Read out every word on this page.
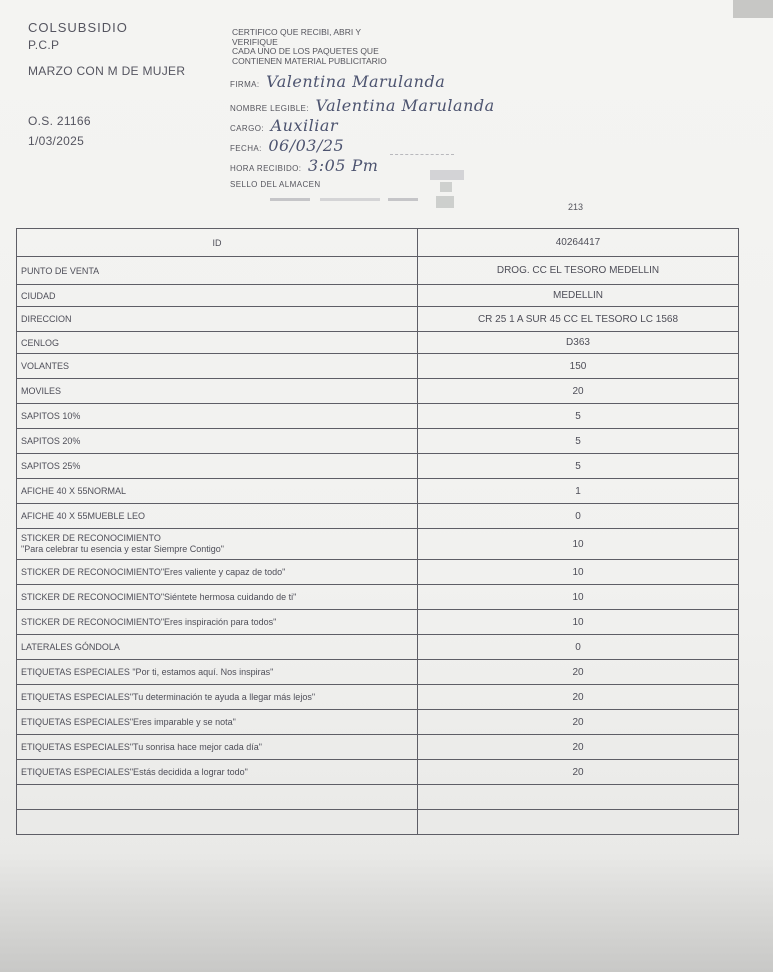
COLSUBSIDIO
P.C.P
MARZO CON M DE MUJER
O.S. 21166
1/03/2025
CERTIFICO QUE RECIBI, ABRI Y
VERIFIQUE
CADA UNO DE LOS PAQUETES QUE
CONTIENEN MATERIAL PUBLICITARIO
FIRMA: Valentina Marulanda
NOMBRE LEGIBLE: Valentina Marulanda
CARGO: Auxiliar
FECHA: 06/03/25
HORA RECIBIDO: 3:05 Pm
SELLO DEL ALMACEN
213
ID	40264417
PUNTO DE VENTA	DROG. CC EL TESORO MEDELLIN
CIUDAD	MEDELLIN
DIRECCION	CR 25 1 A SUR 45 CC EL TESORO LC 1568
CENLOG	D363
VOLANTES	150
MOVILES	20
SAPITOS 10%	5
SAPITOS 20%	5
SAPITOS 25%	5
AFICHE 40 X 55NORMAL	1
AFICHE 40 X 55MUEBLE LEO	0

STICKER DE RECONOCIMIENTO
"Para celebrar tu esencia y estar Siempre Contigo"	10
STICKER DE RECONOCIMIENTO"Eres valiente y capaz de todo"	10
STICKER DE RECONOCIMIENTO"Siéntete hermosa cuidando de ti"	10
STICKER DE RECONOCIMIENTO"Eres inspiración para todos"	10
LATERALES GÓNDOLA	0
ETIQUETAS ESPECIALES "Por ti, estamos aquí. Nos inspiras"	20
ETIQUETAS ESPECIALES"Tu determinación te ayuda a llegar más lejos"	20
ETIQUETAS ESPECIALES"Eres imparable y se nota"	20
ETIQUETAS ESPECIALES"Tu sonrisa hace mejor cada día"	20
ETIQUETAS ESPECIALES"Estás decidida a lograr todo"	20
